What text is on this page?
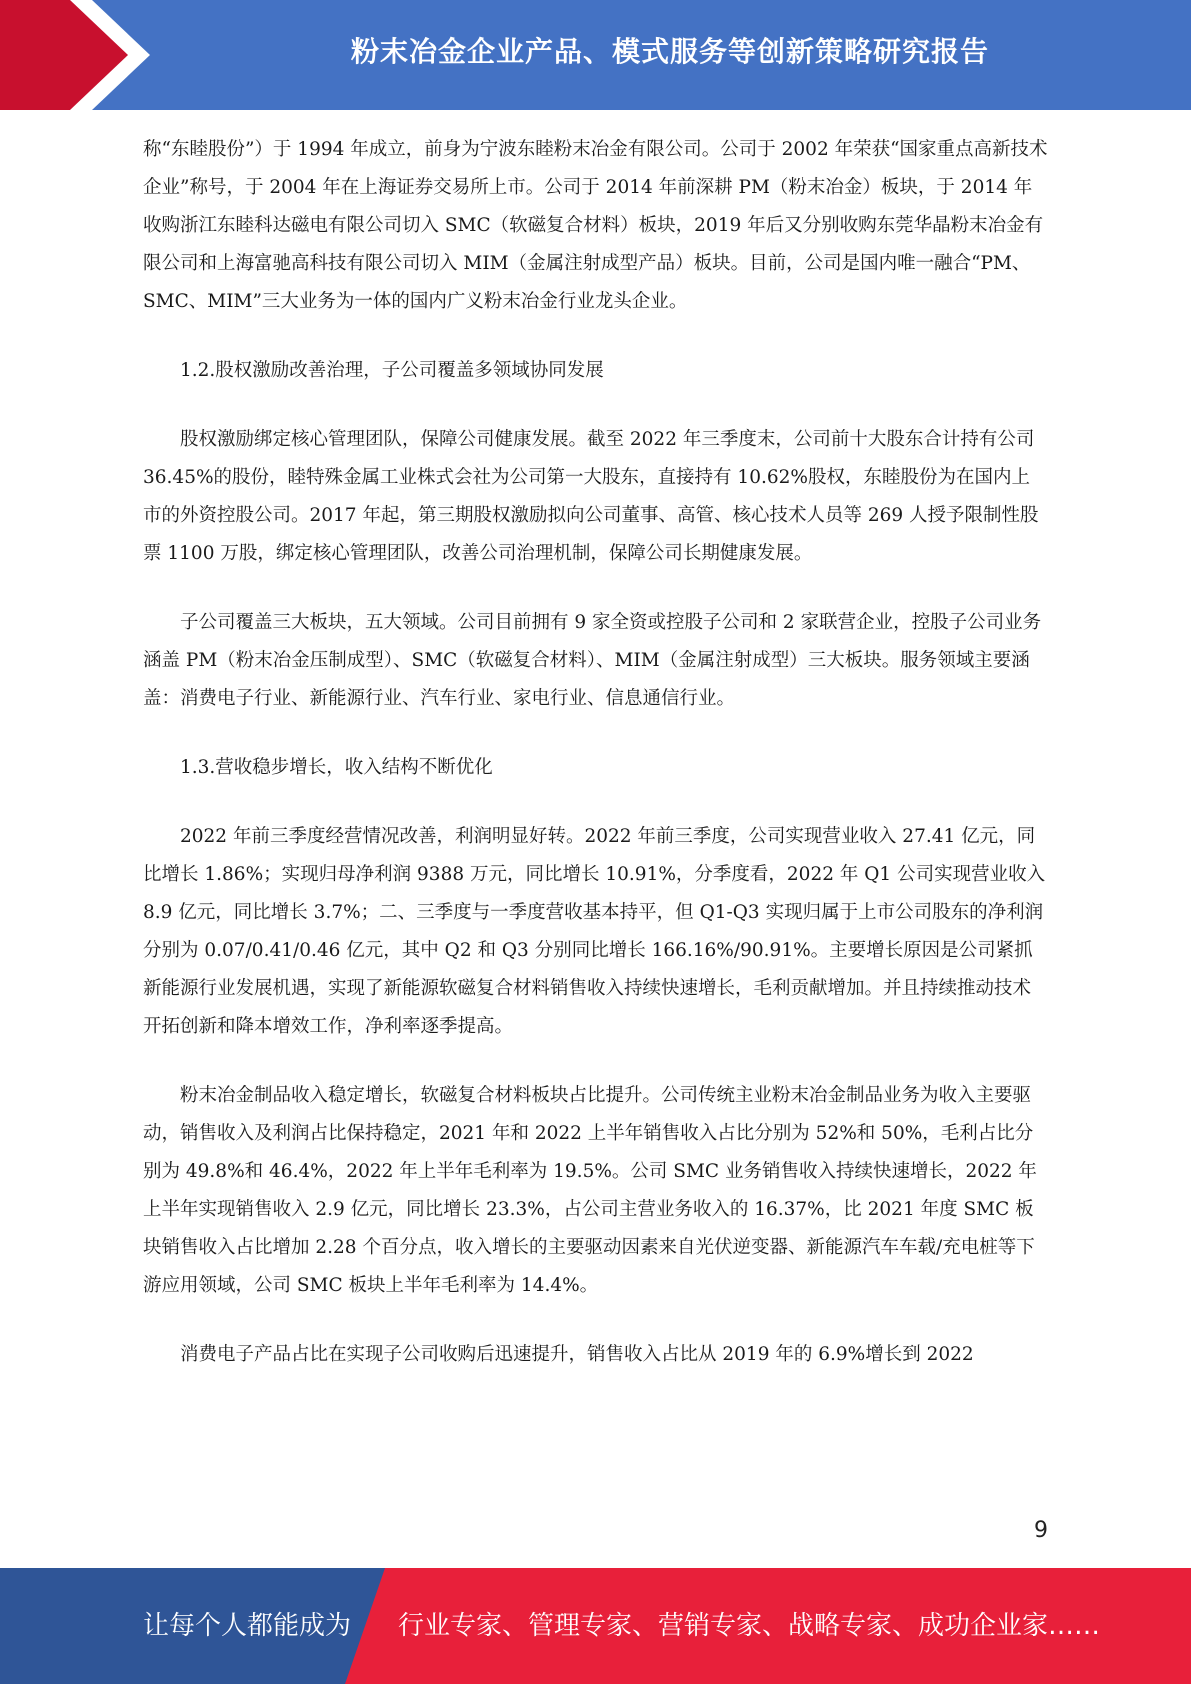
粉末冶金企业产品、模式服务等创新策略研究报告

称“东睦股份”）于 1994 年成立，前身为宁波东睦粉末冶金有限公司。公司于 2002 年荣获“国家重点高新技术企业”称号，于 2004 年在上海证券交易所上市。公司于 2014 年前深耕 PM（粉末冶金）板块，于 2014 年收购浙江东睦科达磁电有限公司切入 SMC（软磁复合材料）板块，2019 年后又分别收购东莞华晶粉末冶金有限公司和上海富驰高科技有限公司切入 MIM（金属注射成型产品）板块。目前，公司是国内唯一融合“PM、SMC、MIM”三大业务为一体的国内广义粉末冶金行业龙头企业。

1.2.股权激励改善治理，子公司覆盖多领域协同发展

股权激励绑定核心管理团队，保障公司健康发展。截至 2022 年三季度末，公司前十大股东合计持有公司 36.45%的股份，睦特殊金属工业株式会社为公司第一大股东，直接持有 10.62%股权，东睦股份为在国内上市的外资控股公司。2017 年起，第三期股权激励拟向公司董事、高管、核心技术人员等 269 人授予限制性股票 1100 万股，绑定核心管理团队，改善公司治理机制，保障公司长期健康发展。

子公司覆盖三大板块，五大领域。公司目前拥有 9 家全资或控股子公司和 2 家联营企业，控股子公司业务涵盖 PM（粉末冶金压制成型）、SMC（软磁复合材料）、MIM（金属注射成型）三大板块。服务领域主要涵盖：消费电子行业、新能源行业、汽车行业、家电行业、信息通信行业。

1.3.营收稳步增长，收入结构不断优化

2022 年前三季度经营情况改善，利润明显好转。2022 年前三季度，公司实现营业收入 27.41 亿元，同比增长 1.86%；实现归母净利润 9388 万元，同比增长 10.91%，分季度看，2022 年 Q1 公司实现营业收入 8.9 亿元，同比增长 3.7%；二、三季度与一季度营收基本持平，但 Q1-Q3 实现归属于上市公司股东的净利润分别为 0.07/0.41/0.46 亿元，其中 Q2 和 Q3 分别同比增长 166.16%/90.91%。主要增长原因是公司紧抓新能源行业发展机遇，实现了新能源软磁复合材料销售收入持续快速增长，毛利贡献增加。并且持续推动技术开拓创新和降本增效工作，净利率逐季提高。

粉末冶金制品收入稳定增长，软磁复合材料板块占比提升。公司传统主业粉末冶金制品业务为收入主要驱动，销售收入及利润占比保持稳定，2021 年和 2022 上半年销售收入占比分别为 52%和 50%，毛利占比分别为 49.8%和 46.4%，2022 年上半年毛利率为 19.5%。公司 SMC 业务销售收入持续快速增长，2022 年上半年实现销售收入 2.9 亿元，同比增长 23.3%，占公司主营业务收入的 16.37%，比 2021 年度 SMC 板块销售收入占比增加 2.28 个百分点，收入增长的主要驱动因素来自光伏逆变器、新能源汽车车载/充电桩等下游应用领域，公司 SMC 板块上半年毛利率为 14.4%。

消费电子产品占比在实现子公司收购后迅速提升，销售收入占比从 2019 年的 6.9%增长到 2022

9
让每个人都能成为 行业专家、管理专家、营销专家、战略专家、成功企业家……
